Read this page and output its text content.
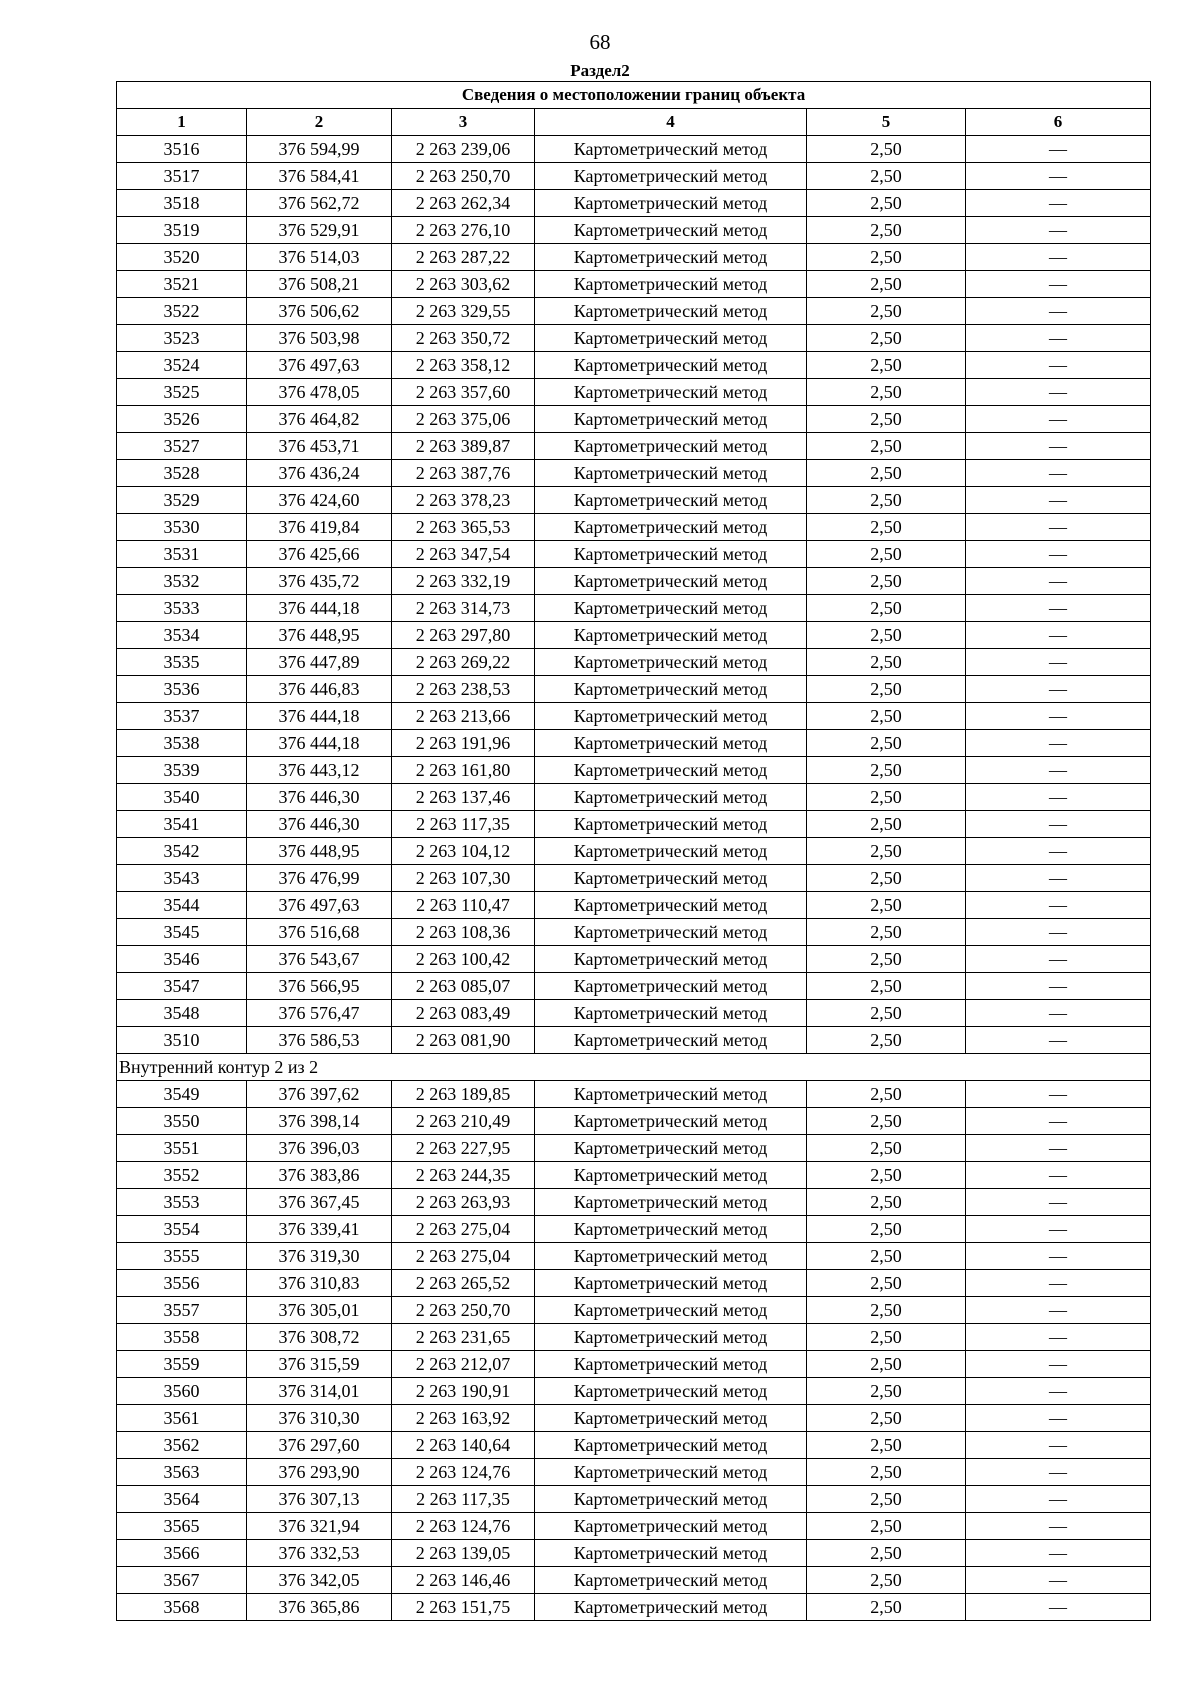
68
Раздел2
Сведения о местоположении границ объекта					
1	2	3	4	5	6
3516	376 594,99	2 263 239,06	Картометрический метод	2,50	—
3517	376 584,41	2 263 250,70	Картометрический метод	2,50	—
3518	376 562,72	2 263 262,34	Картометрический метод	2,50	—
3519	376 529,91	2 263 276,10	Картометрический метод	2,50	—
3520	376 514,03	2 263 287,22	Картометрический метод	2,50	—
3521	376 508,21	2 263 303,62	Картометрический метод	2,50	—
3522	376 506,62	2 263 329,55	Картометрический метод	2,50	—
3523	376 503,98	2 263 350,72	Картометрический метод	2,50	—
3524	376 497,63	2 263 358,12	Картометрический метод	2,50	—
3525	376 478,05	2 263 357,60	Картометрический метод	2,50	—
3526	376 464,82	2 263 375,06	Картометрический метод	2,50	—
3527	376 453,71	2 263 389,87	Картометрический метод	2,50	—
3528	376 436,24	2 263 387,76	Картометрический метод	2,50	—
3529	376 424,60	2 263 378,23	Картометрический метод	2,50	—
3530	376 419,84	2 263 365,53	Картометрический метод	2,50	—
3531	376 425,66	2 263 347,54	Картометрический метод	2,50	—
3532	376 435,72	2 263 332,19	Картометрический метод	2,50	—
3533	376 444,18	2 263 314,73	Картометрический метод	2,50	—
3534	376 448,95	2 263 297,80	Картометрический метод	2,50	—
3535	376 447,89	2 263 269,22	Картометрический метод	2,50	—
3536	376 446,83	2 263 238,53	Картометрический метод	2,50	—
3537	376 444,18	2 263 213,66	Картометрический метод	2,50	—
3538	376 444,18	2 263 191,96	Картометрический метод	2,50	—
3539	376 443,12	2 263 161,80	Картометрический метод	2,50	—
3540	376 446,30	2 263 137,46	Картометрический метод	2,50	—
3541	376 446,30	2 263 117,35	Картометрический метод	2,50	—
3542	376 448,95	2 263 104,12	Картометрический метод	2,50	—
3543	376 476,99	2 263 107,30	Картометрический метод	2,50	—
3544	376 497,63	2 263 110,47	Картометрический метод	2,50	—
3545	376 516,68	2 263 108,36	Картометрический метод	2,50	—
3546	376 543,67	2 263 100,42	Картометрический метод	2,50	—
3547	376 566,95	2 263 085,07	Картометрический метод	2,50	—
3548	376 576,47	2 263 083,49	Картометрический метод	2,50	—
3510	376 586,53	2 263 081,90	Картометрический метод	2,50	—
Внутренний контур 2 из 2					
3549	376 397,62	2 263 189,85	Картометрический метод	2,50	—
3550	376 398,14	2 263 210,49	Картометрический метод	2,50	—
3551	376 396,03	2 263 227,95	Картометрический метод	2,50	—
3552	376 383,86	2 263 244,35	Картометрический метод	2,50	—
3553	376 367,45	2 263 263,93	Картометрический метод	2,50	—
3554	376 339,41	2 263 275,04	Картометрический метод	2,50	—
3555	376 319,30	2 263 275,04	Картометрический метод	2,50	—
3556	376 310,83	2 263 265,52	Картометрический метод	2,50	—
3557	376 305,01	2 263 250,70	Картометрический метод	2,50	—
3558	376 308,72	2 263 231,65	Картометрический метод	2,50	—
3559	376 315,59	2 263 212,07	Картометрический метод	2,50	—
3560	376 314,01	2 263 190,91	Картометрический метод	2,50	—
3561	376 310,30	2 263 163,92	Картометрический метод	2,50	—
3562	376 297,60	2 263 140,64	Картометрический метод	2,50	—
3563	376 293,90	2 263 124,76	Картометрический метод	2,50	—
3564	376 307,13	2 263 117,35	Картометрический метод	2,50	—
3565	376 321,94	2 263 124,76	Картометрический метод	2,50	—
3566	376 332,53	2 263 139,05	Картометрический метод	2,50	—
3567	376 342,05	2 263 146,46	Картометрический метод	2,50	—
3568	376 365,86	2 263 151,75	Картометрический метод	2,50	—
